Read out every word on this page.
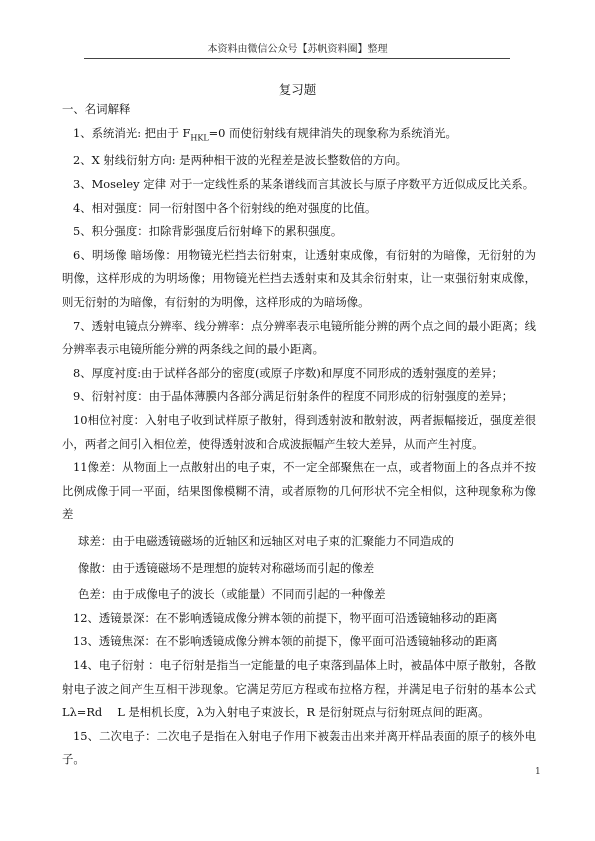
本资料由微信公众号【苏帆资料圈】整理
复习题

一、名词解释

1、系统消光: 把由于 $F_{HKL}=0$ 而使衍射线有规律消失的现象称为系统消光。

2、X 射线衍射方向: 是两种相干波的光程差是波长整数倍的方向。

3、Moseley 定律 对于一定线性系的某条谱线而言其波长与原子序数平方近似成反比关系。

4、相对强度：同一衍射图中各个衍射线的绝对强度的比值。

5、积分强度：扣除背影强度后衍射峰下的累积强度。

6、明场像 暗场像：用物镜光栏挡去衍射束，让透射束成像，有衍射的为暗像，无衍射的为明像，这样形成的为明场像；用物镜光栏挡去透射束和及其余衍射束，让一束强衍射束成像，则无衍射的为暗像，有衍射的为明像，这样形成的为暗场像。

7、透射电镜点分辨率、线分辨率：点分辨率表示电镜所能分辨的两个点之间的最小距离；线分辨率表示电镜所能分辨的两条线之间的最小距离。

8、厚度衬度:由于试样各部分的密度(或原子序数)和厚度不同形成的透射强度的差异；

9、衍射衬度：由于晶体薄膜内各部分满足衍射条件的程度不同形成的衍射强度的差异；

10相位衬度：入射电子收到试样原子散射，得到透射波和散射波，两者振幅接近，强度差很小，两者之间引入相位差，使得透射波和合成波振幅产生较大差异，从而产生衬度。

11像差：从物面上一点散射出的电子束，不一定全部聚焦在一点，或者物面上的各点并不按比例成像于同一平面，结果图像模糊不清，或者原物的几何形状不完全相似，这种现象称为像差

球差：由于电磁透镜磁场的近轴区和远轴区对电子束的汇聚能力不同造成的

像散：由于透镜磁场不是理想的旋转对称磁场而引起的像差

色差：由于成像电子的波长（或能量）不同而引起的一种像差

12、透镜景深：在不影响透镜成像分辨本领的前提下，物平面可沿透镜轴移动的距离

13、透镜焦深：在不影响透镜成像分辨本领的前提下，像平面可沿透镜轴移动的距离

14、电子衍射 ：电子衍射是指当一定能量的电子束落到晶体上时，被晶体中原子散射，各散射电子波之间产生互相干涉现象。它满足劳厄方程或布拉格方程，并满足电子衍射的基本公式 Lλ=Rd　 L 是相机长度，λ为入射电子束波长，R 是衍射斑点与衍射斑点间的距离。

15、二次电子：二次电子是指在入射电子作用下被轰击出来并离开样品表面的原子的核外电子。

1
